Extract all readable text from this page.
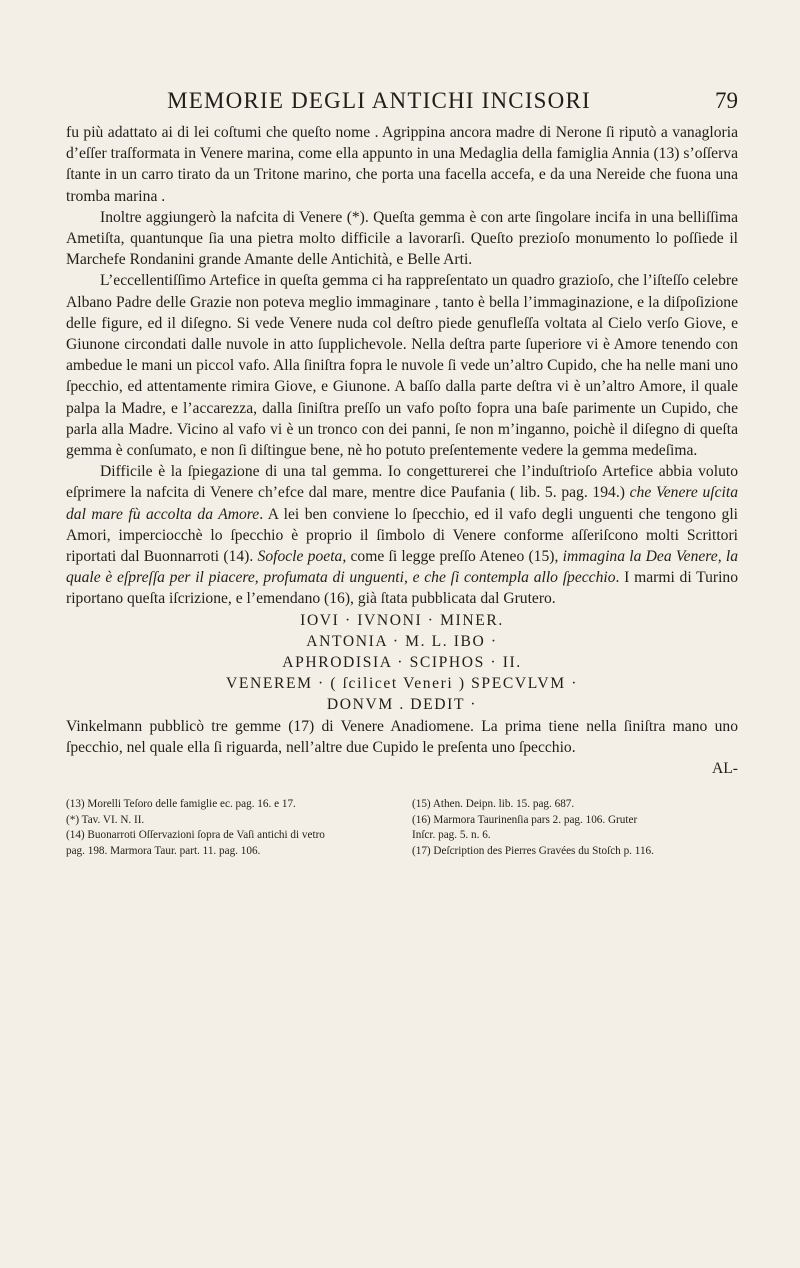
MEMORIE DEGLI ANTICHI INCISORI	79

fu più adattato ai di lei coſtumi che queſto nome . Agrippina ancora madre di Nerone ſi riputò a vanagloria d’eſſer traſformata in Venere marina, come ella appunto in una Medaglia della famiglia Annia (13) s’oſſerva ſtante in un carro tirato da un Tritone marino, che porta una facella accefa, e da una Nereide che fuona una tromba marina .

Inoltre aggiungerò la nafcita di Venere (*). Queſta gemma è con arte ſingolare incifa in una belliſſima Ametiſta, quantunque ſia una pietra molto difficile a lavorarſi. Queſto prezioſo monumento lo poſſiede il Marchefe Rondanini grande Amante delle Antichità, e Belle Arti.

L’eccellentiſſimo Artefice in queſta gemma ci ha rappreſentato un quadro grazioſo, che l’iſteſſo celebre Albano Padre delle Grazie non poteva meglio immaginare , tanto è bella l’immaginazione, e la diſpoſizione delle figure, ed il diſegno. Si vede Venere nuda col deſtro piede genufleſſa voltata al Cielo verſo Giove, e Giunone circondati dalle nuvole in atto ſupplichevole. Nella deſtra parte ſuperiore vi è Amore tenendo con ambedue le mani un piccol vafo. Alla ſiniſtra fopra le nuvole ſi vede un’altro Cupido, che ha nelle mani uno ſpecchio, ed attentamente rimira Giove, e Giunone. A baſſo dalla parte deſtra vi è un’altro Amore, il quale palpa la Madre, e l’accarezza, dalla ſiniſtra preſſo un vafo poſto fopra una baſe parimente un Cupido, che parla alla Madre. Vicino al vafo vi è un tronco con dei panni, ſe non m’inganno, poichè il diſegno di queſta gemma è conſumato, e non ſi diſtingue bene, nè ho potuto preſentemente vedere la gemma medeſima.

Difficile è la ſpiegazione di una tal gemma. Io congetturerei che l’induſtrioſo Artefice abbia voluto eſprimere la nafcita di Venere ch’efce dal mare, mentre dice Paufania ( lib. 5. pag. 194.) che Venere uſcita dal mare fù accolta da Amore. A lei ben conviene lo ſpecchio, ed il vafo degli unguenti che tengono gli Amori, imperciocchè lo ſpecchio è proprio il ſimbolo di Venere conforme aſſeriſcono molti Scrittori riportati dal Buonnarroti (14). Sofocle poeta, come ſi legge preſſo Ateneo (15), immagina la Dea Venere, la quale è eſpreſſa per il piacere, profumata di unguenti, e che ſi contempla allo ſpecchio. I marmi di Turino riportano queſta iſcrizione, e l’emendano (16), già ſtata pubblicata dal Grutero.

IOVI · IVNONI · MINER.
ANTONIA · M. L. IBO ·
APHRODISIA · SCIPHOS · II.
VENEREM · ( ſcilicet Veneri ) SPECVLVM ·
DONVM . DEDIT ·

Vinkelmann pubblicò tre gemme (17) di Venere Anadiomene. La prima tiene nella ſiniſtra mano uno ſpecchio, nel quale ella ſi riguarda, nell’altre due Cupido le preſenta uno ſpecchio.

AL-
(13) Morelli Teſoro delle famiglie ec. pag. 16. e 17.	(15) Athen. Deipn. lib. 15. pag. 687.
(*) Tav. VI. N. II.	(16) Marmora Taurinenſia pars 2. pag. 106. Gruter
(14) Buonarroti Oſſervazioni ſopra de Vaſi antichi di vetro	Inſcr. pag. 5. n. 6.
pag. 198. Marmora Taur. part. 11. pag. 106.	(17) Deſcription des Pierres Gravées du Stoſch p. 116.
